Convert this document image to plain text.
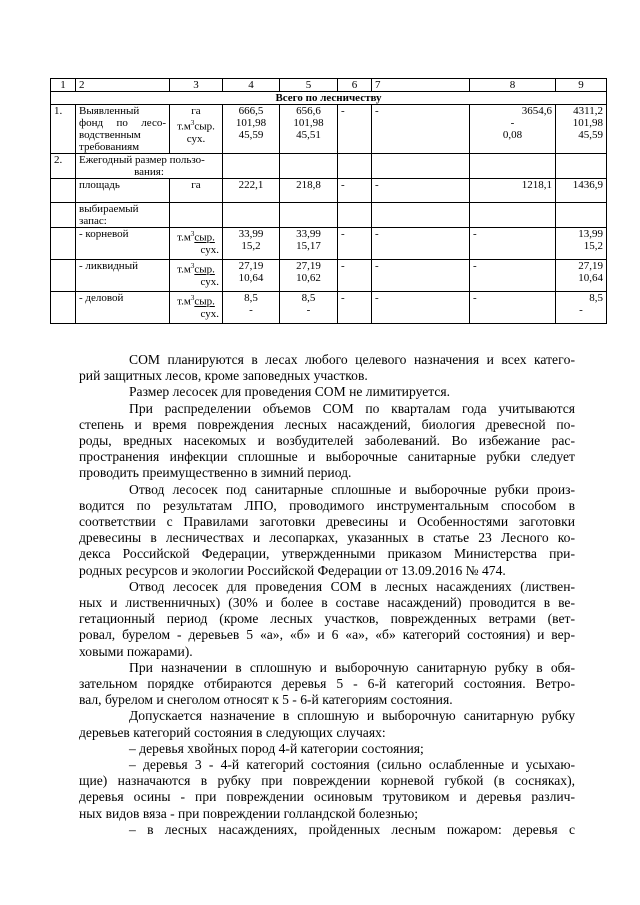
1	2	3	4	5	6	7	8	9
Всего по лесничеству								
1.	Выявленный
фонд по лесо-
водственным
требованиям	га
$т.м^3сыр$.
сух.	666,5
101,98
45,59	656,6
101,98
45,51	-	-	3654,6
-
0,08	4311,2
101,98
45,59

2.	Ежегодный размер пользо-
вания:							

	площадь	га	222,1	218,8	-	-	1218,1	1436,9

	выбираемый
запас:							

	- корневой	$т.м^3сыр$.
сух.	33,99
15,2	33,99
15,17	-	-	-	13,99
15,2

	- ликвидный	$т.м^3сыр$.
сух.	27,19
10,64	27,19
10,62	-	-	-	27,19
10,64

	- деловой	$т.м^3сыр$.
сух.	8,5
-	8,5
-	-	-	-	8,5
-

СОМ планируются в лесах любого целевого назначения и всех категo-
рий защитных лесов, кроме заповедных участков.

Размер лесосек для проведения СОМ не лимитируется.

При распределении объемов СОМ по кварталам года учитываются
степень и время повреждения лесных насаждений, биология древесной по-
роды, вредных насекомых и возбудителей заболеваний. Во избежание рас-
пространения инфекции сплошные и выборочные санитарные рубки следует
проводить преимущественно в зимний период.

Отвод лесосек под санитарные сплошные и выборочные рубки произ-
водится по результатам ЛПО, проводимого инструментальным способом в
соответствии с Правилами заготовки древесины и Особенностями заготовки
древесины в лесничествах и лесопарках, указанных в статье 23 Лесного ко-
декса Российской Федерации, утвержденными приказом Министерства при-
родных ресурсов и экологии Российской Федерации от 13.09.2016 № 474.

Отвод лесосек для проведения СОМ в лесных насаждениях (листвен-
ных и лиственничных) (30% и более в составе насаждений) проводится в ве-
гетационный период (кроме лесных участков, поврежденных ветрами (вет-
ровал, бурелом - деревьев 5 «а», «б» и 6 «а», «б» категорий состояния) и вер-
ховыми пожарами).

При назначении в сплошную и выборочную санитарную рубку в обя-
зательном порядке отбираются деревья 5 - 6-й категорий состояния. Ветро-
вал, бурелом и снеголом относят к 5 - 6-й категориям состояния.

Допускается назначение в сплошную и выборочную санитарную рубку
деревьев категорий состояния в следующих случаях:

– деревья хвойных пород 4-й категории состояния;

– деревья 3 - 4-й категорий состояния (сильно ослабленные и усыхаю-
щие) назначаются в рубку при повреждении корневой губкой (в сосняках),
деревья осины - при повреждении осиновым трутовиком и деревья различ-
ных видов вяза - при повреждении голландской болезнью;

– в лесных насаждениях, пройденных лесным пожаром: деревья с
